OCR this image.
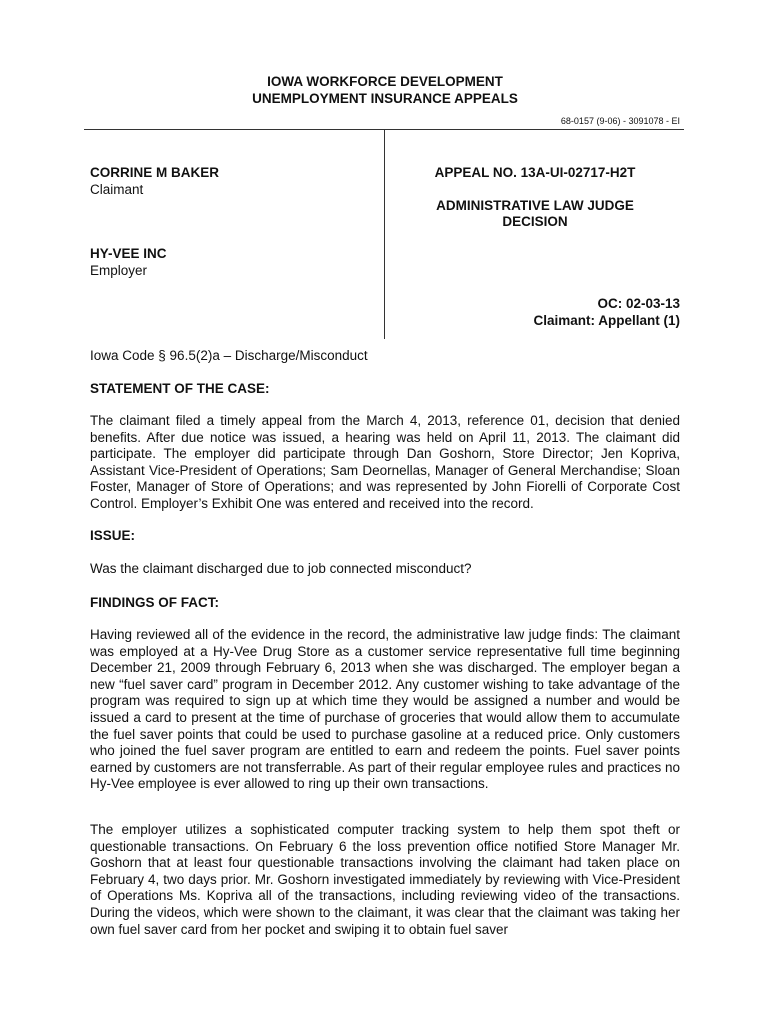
IOWA WORKFORCE DEVELOPMENT
UNEMPLOYMENT INSURANCE APPEALS
68-0157 (9-06) - 3091078 - EI
CORRINE M BAKER
Claimant
HY-VEE INC
Employer
APPEAL NO. 13A-UI-02717-H2T
ADMINISTRATIVE LAW JUDGE
DECISION
OC: 02-03-13
Claimant: Appellant (1)
Iowa Code § 96.5(2)a – Discharge/Misconduct
STATEMENT OF THE CASE:

The claimant filed a timely appeal from the March 4, 2013, reference 01, decision that denied benefits. After due notice was issued, a hearing was held on April 11, 2013. The claimant did participate. The employer did participate through Dan Goshorn, Store Director; Jen Kopriva, Assistant Vice-President of Operations; Sam Deornellas, Manager of General Merchandise; Sloan Foster, Manager of Store of Operations; and was represented by John Fiorelli of Corporate Cost Control. Employer’s Exhibit One was entered and received into the record.

ISSUE:

Was the claimant discharged due to job connected misconduct?

FINDINGS OF FACT:

Having reviewed all of the evidence in the record, the administrative law judge finds: The claimant was employed at a Hy-Vee Drug Store as a customer service representative full time beginning December 21, 2009 through February 6, 2013 when she was discharged. The employer began a new “fuel saver card” program in December 2012. Any customer wishing to take advantage of the program was required to sign up at which time they would be assigned a number and would be issued a card to present at the time of purchase of groceries that would allow them to accumulate the fuel saver points that could be used to purchase gasoline at a reduced price. Only customers who joined the fuel saver program are entitled to earn and redeem the points. Fuel saver points earned by customers are not transferrable. As part of their regular employee rules and practices no Hy-Vee employee is ever allowed to ring up their own transactions.

The employer utilizes a sophisticated computer tracking system to help them spot theft or questionable transactions. On February 6 the loss prevention office notified Store Manager Mr. Goshorn that at least four questionable transactions involving the claimant had taken place on February 4, two days prior. Mr. Goshorn investigated immediately by reviewing with Vice-President of Operations Ms. Kopriva all of the transactions, including reviewing video of the transactions. During the videos, which were shown to the claimant, it was clear that the claimant was taking her own fuel saver card from her pocket and swiping it to obtain fuel saver
